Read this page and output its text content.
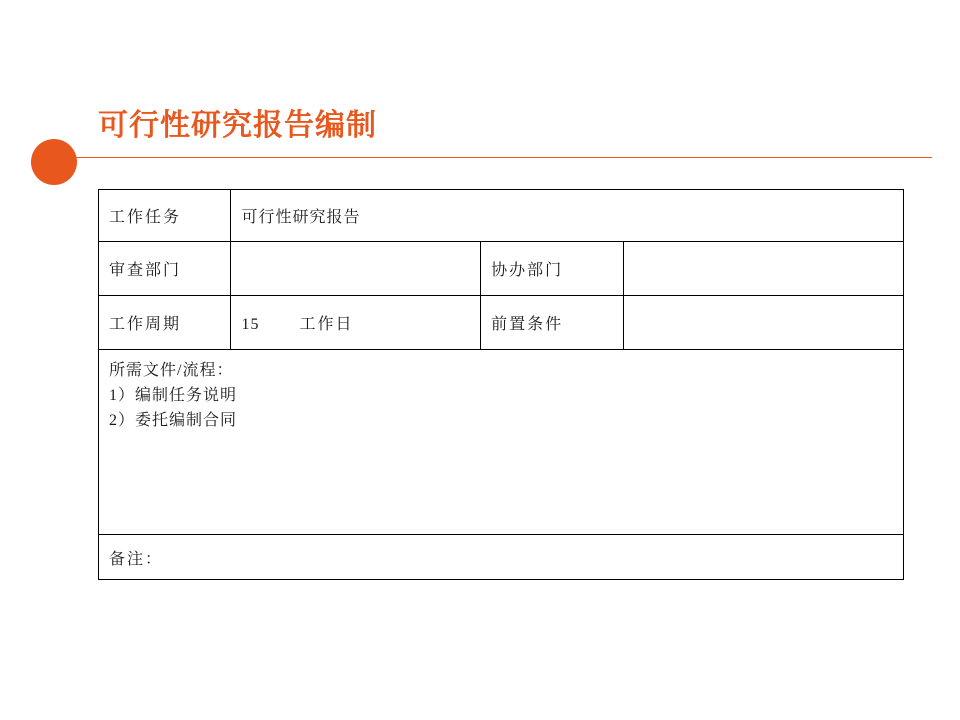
可行性研究报告编制
工作任务	可行性研究报告		
审查部门		协办部门	
工作周期	15 工作日	前置条件	

所需文件/流程：
1）编制任务说明
2）委托编制合同			

备注：			
